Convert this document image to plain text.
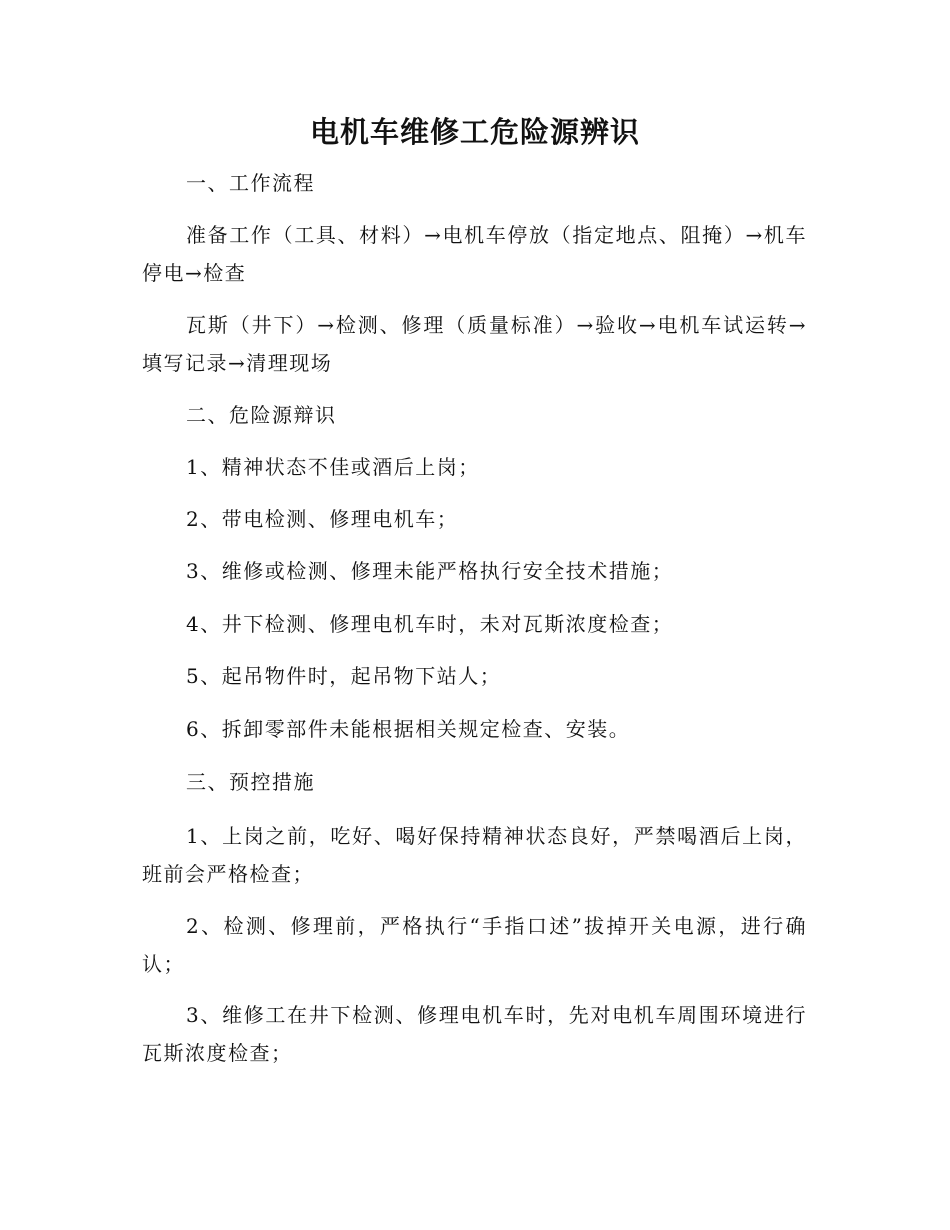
电机车维修工危险源辨识

一、工作流程

准备工作（工具、材料）→电机车停放（指定地点、阻掩）→机车停电→检查

瓦斯（井下）→检测、修理（质量标准）→验收→电机车试运转→填写记录→清理现场

二、危险源辩识

1、精神状态不佳或酒后上岗；

2、带电检测、修理电机车；

3、维修或检测、修理未能严格执行安全技术措施；

4、井下检测、修理电机车时，未对瓦斯浓度检查；

5、起吊物件时，起吊物下站人；

6、拆卸零部件未能根据相关规定检查、安装。

三、预控措施

1、上岗之前，吃好、喝好保持精神状态良好，严禁喝酒后上岗，班前会严格检查；

2、检测、修理前，严格执行“手指口述”拔掉开关电源，进行确认；

3、维修工在井下检测、修理电机车时，先对电机车周围环境进行瓦斯浓度检查；
